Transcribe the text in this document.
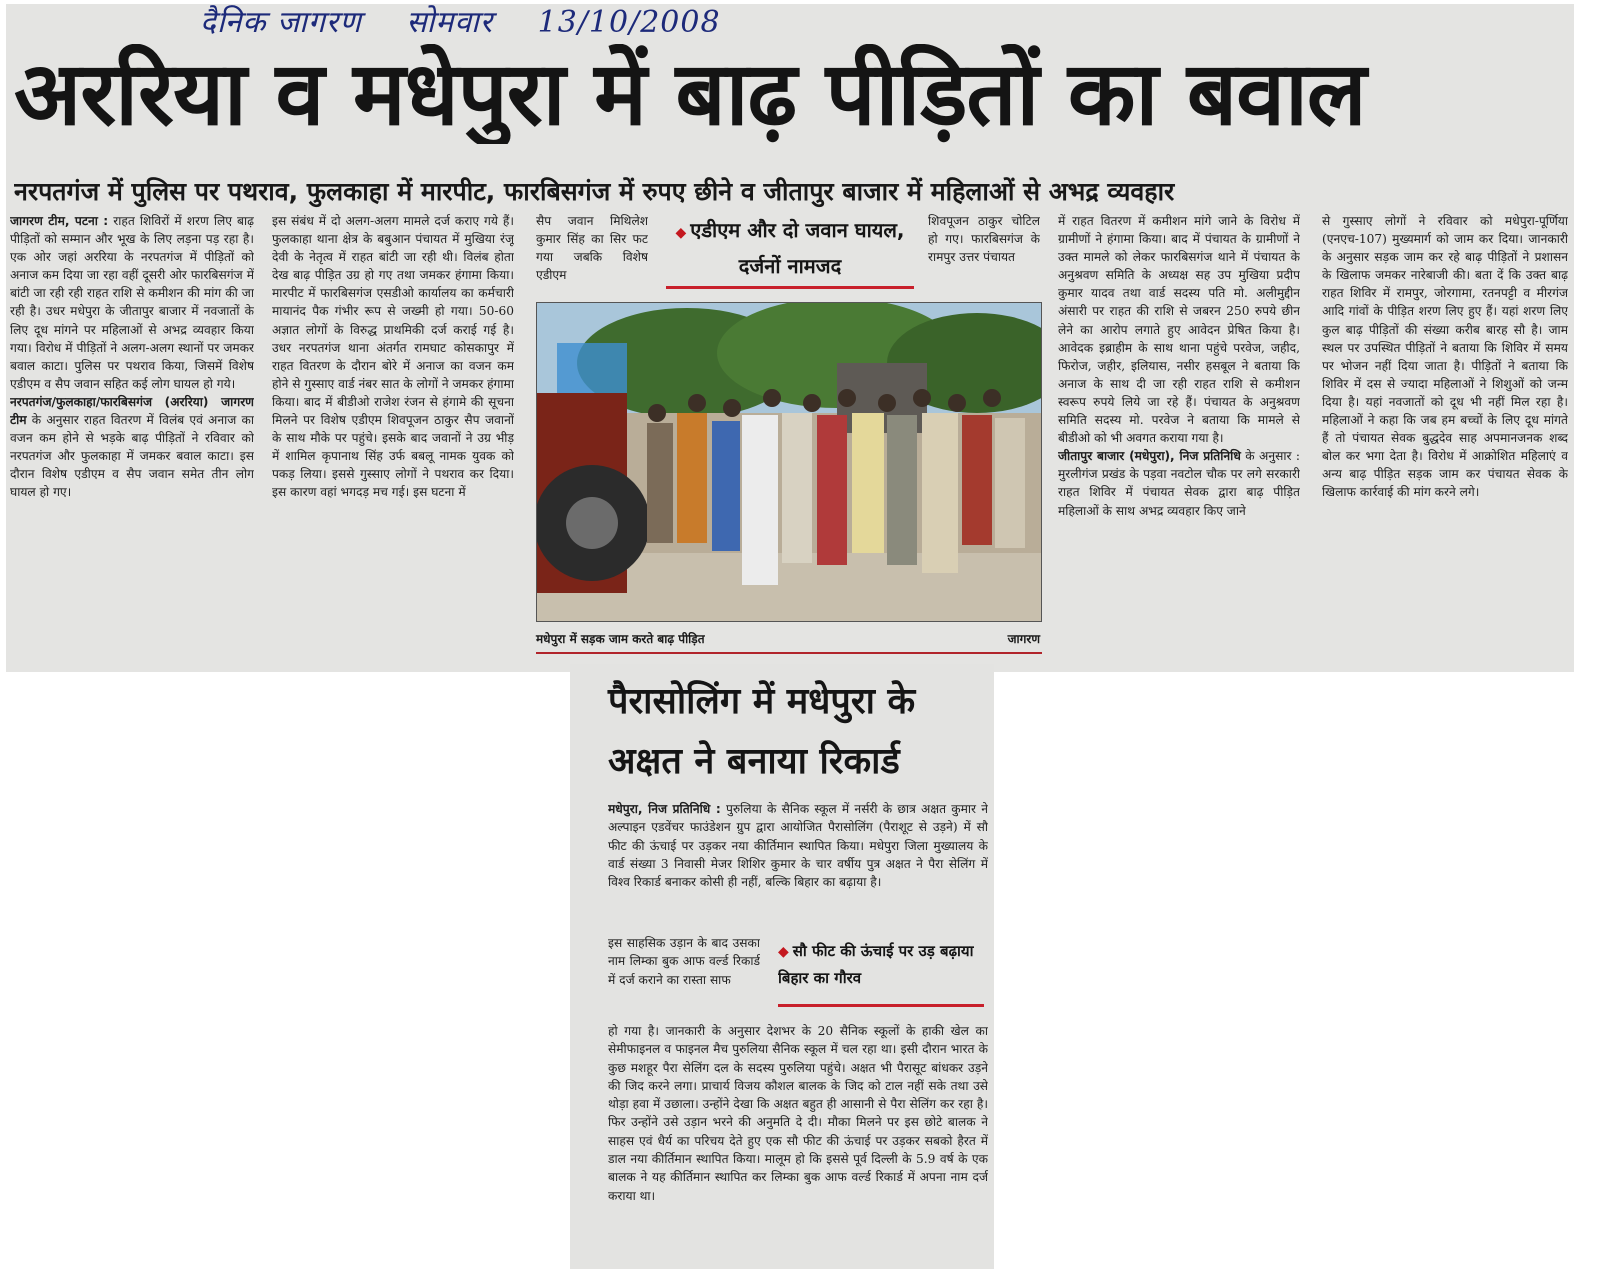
दैनिक जागरण सोमवार 13/10/2008
अररिया व मधेपुरा में बाढ़ पीड़ितों का बवाल
नरपतगंज में पुलिस पर पथराव, फुलकाहा में मारपीट, फारबिसगंज में रुपए छीने व जीतापुर बाजार में महिलाओं से अभद्र व्यवहार

जागरण टीम, पटना : राहत शिविरों में शरण लिए बाढ़ पीड़ितों को सम्मान और भूख के लिए लड़ना पड़ रहा है। एक ओर जहां अररिया के नरपतगंज में पीड़ितों को अनाज कम दिया जा रहा वहीं दूसरी ओर फारबिसगंज में बांटी जा रही रही राहत राशि से कमीशन की मांग की जा रही है। उधर मधेपुरा के जीतापुर बाजार में नवजातों के लिए दूध मांगने पर महिलाओं से अभद्र व्यवहार किया गया। विरोध में पीड़ितों ने अलग-अलग स्थानों पर जमकर बवाल काटा। पुलिस पर पथराव किया, जिसमें विशेष एडीएम व सैप जवान सहित कई लोग घायल हो गये।

नरपतगंज/फुलकाहा/फारबिसगंज (अररिया) जागरण टीम के अनुसार राहत वितरण में विलंब एवं अनाज का वजन कम होने से भड़के बाढ़ पीड़ितों ने रविवार को नरपतगंज और फुलकाहा में जमकर बवाल काटा। इस दौरान विशेष एडीएम व सैप जवान समेत तीन लोग घायल हो गए।

इस संबंध में दो अलग-अलग मामले दर्ज कराए गये हैं। फुलकाहा थाना क्षेत्र के बबुआन पंचायत में मुखिया रंजू देवी के नेतृत्व में राहत बांटी जा रही थी। विलंब होता देख बाढ़ पीड़ित उग्र हो गए तथा जमकर हंगामा किया। मारपीट में फारबिसगंज एसडीओ कार्यालय का कर्मचारी मायानंद पैक गंभीर रूप से जख्मी हो गया। 50-60 अज्ञात लोगों के विरुद्ध प्राथमिकी दर्ज कराई गई है। उधर नरपतगंज थाना अंतर्गत रामघाट कोसकापुर में राहत वितरण के दौरान बोरे में अनाज का वजन कम होने से गुस्साए वार्ड नंबर सात के लोगों ने जमकर हंगामा किया। बाद में बीडीओ राजेश रंजन से हंगामे की सूचना मिलने पर विशेष एडीएम शिवपूजन ठाकुर सैप जवानों के साथ मौके पर पहुंचे। इसके बाद जवानों ने उग्र भीड़ में शामिल कृपानाथ सिंह उर्फ बबलू नामक युवक को पकड़ लिया। इससे गुस्साए लोगों ने पथराव कर दिया। इस कारण वहां भगदड़ मच गई। इस घटना में

सैप जवान मिथिलेश कुमार सिंह का सिर फट गया जबकि विशेष एडीएम

◆ एडीएम और दो जवान घायल, दर्जनों नामजद

शिवपूजन ठाकुर चोटिल हो गए। फारबिसगंज के रामपुर उत्तर पंचायत

मधेपुरा में सड़क जाम करते बाढ़ पीड़ित	जागरण

में राहत वितरण में कमीशन मांगे जाने के विरोध में ग्रामीणों ने हंगामा किया। बाद में पंचायत के ग्रामीणों ने उक्त मामले को लेकर फारबिसगंज थाने में पंचायत के अनुश्रवण समिति के अध्यक्ष सह उप मुखिया प्रदीप कुमार यादव तथा वार्ड सदस्य पति मो. अलीमुद्दीन अंसारी पर राहत की राशि से जबरन 250 रुपये छीन लेने का आरोप लगाते हुए आवेदन प्रेषित किया है। आवेदक इब्राहीम के साथ थाना पहुंचे परवेज, जहीद, फिरोज, जहीर, इलियास, नसीर हसबूल ने बताया कि अनाज के साथ दी जा रही राहत राशि से कमीशन स्वरूप रुपये लिये जा रहे हैं। पंचायत के अनुश्रवण समिति सदस्य मो. परवेज ने बताया कि मामले से बीडीओ को भी अवगत कराया गया है।

जीतापुर बाजार (मधेपुरा), निज प्रतिनिधि के अनुसार : मुरलीगंज प्रखंड के पड़वा नवटोल चौक पर लगे सरकारी राहत शिविर में पंचायत सेवक द्वारा बाढ़ पीड़ित महिलाओं के साथ अभद्र व्यवहार किए जाने

से गुस्साए लोगों ने रविवार को मधेपुरा-पूर्णिया (एनएच-107) मुख्यमार्ग को जाम कर दिया। जानकारी के अनुसार सड़क जाम कर रहे बाढ़ पीड़ितों ने प्रशासन के खिलाफ जमकर नारेबाजी की। बता दें कि उक्त बाढ़ राहत शिविर में रामपुर, जोरगामा, रतनपट्टी व मीरगंज आदि गांवों के पीड़ित शरण लिए हुए हैं। यहां शरण लिए कुल बाढ़ पीड़ितों की संख्या करीब बारह सौ है। जाम स्थल पर उपस्थित पीड़ितों ने बताया कि शिविर में समय पर भोजन नहीं दिया जाता है। पीड़ितों ने बताया कि शिविर में दस से ज्यादा महिलाओं ने शिशुओं को जन्म दिया है। यहां नवजातों को दूध भी नहीं मिल रहा है। महिलाओं ने कहा कि जब हम बच्चों के लिए दूध मांगते हैं तो पंचायत सेवक बुद्धदेव साह अपमानजनक शब्द बोल कर भगा देता है। विरोध में आक्रोशित महिलाएं व अन्य बाढ़ पीड़ित सड़क जाम कर पंचायत सेवक के खिलाफ कार्रवाई की मांग करने लगे।

पैरासोलिंग में मधेपुरा के
अक्षत ने बनाया रिकार्ड

मधेपुरा, निज प्रतिनिधि : पुरुलिया के सैनिक स्कूल में नर्सरी के छात्र अक्षत कुमार ने अल्पाइन एडवेंचर फाउंडेशन ग्रुप द्वारा आयोजित पैरासोलिंग (पैराशूट से उड़ने) में सौ फीट की ऊंचाई पर उड़कर नया कीर्तिमान स्थापित किया। मधेपुरा जिला मुख्यालय के वार्ड संख्या 3 निवासी मेजर शिशिर कुमार के चार वर्षीय पुत्र अक्षत ने पैरा सेलिंग में विश्व रिकार्ड बनाकर कोसी ही नहीं, बल्कि बिहार का बढ़ाया है।

इस साहसिक उड़ान के बाद उसका नाम लिम्का बुक आफ वर्ल्ड रिकार्ड में दर्ज कराने का रास्ता साफ

◆ सौ फीट की ऊंचाई पर उड़ बढ़ाया बिहार का गौरव

हो गया है। जानकारी के अनुसार देशभर के 20 सैनिक स्कूलों के हाकी खेल का सेमीफाइनल व फाइनल मैच पुरुलिया सैनिक स्कूल में चल रहा था। इसी दौरान भारत के कुछ मशहूर पैरा सेलिंग दल के सदस्य पुरुलिया पहुंचे। अक्षत भी पैरासूट बांधकर उड़ने की जिद करने लगा। प्राचार्य विजय कौशल बालक के जिद को टाल नहीं सके तथा उसे थोड़ा हवा में उछाला। उन्होंने देखा कि अक्षत बहुत ही आसानी से पैरा सेलिंग कर रहा है। फिर उन्होंने उसे उड़ान भरने की अनुमति दे दी। मौका मिलने पर इस छोटे बालक ने साहस एवं धैर्य का परिचय देते हुए एक सौ फीट की ऊंचाई पर उड़कर सबको हैरत में डाल नया कीर्तिमान स्थापित किया। मालूम हो कि इससे पूर्व दिल्ली के 5.9 वर्ष के एक बालक ने यह कीर्तिमान स्थापित कर लिम्का बुक आफ वर्ल्ड रिकार्ड में अपना नाम दर्ज कराया था।
